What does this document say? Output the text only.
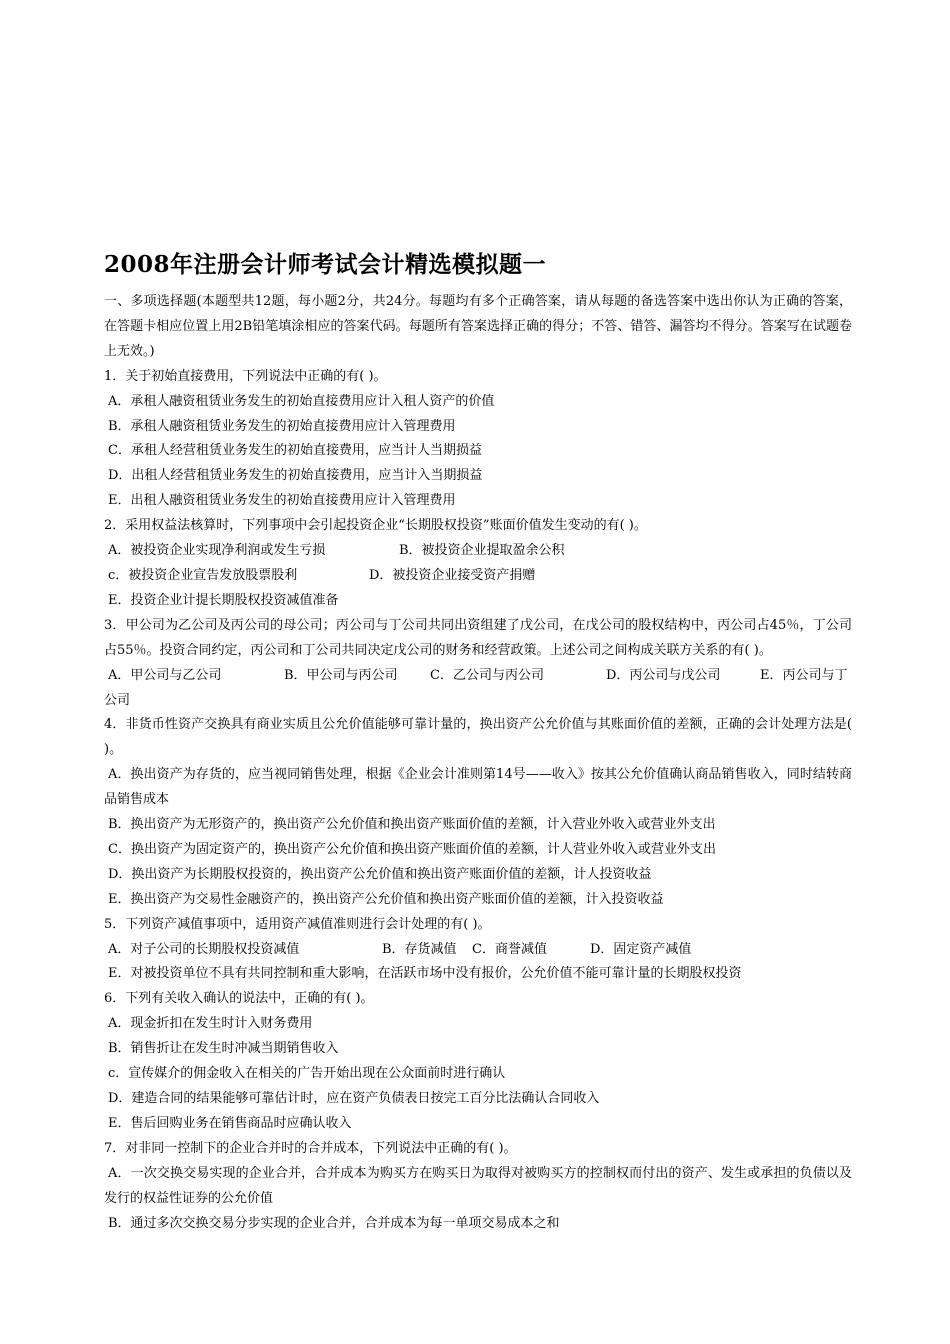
2008年注册会计师考试会计精选模拟题一

一、多项选择题(本题型共12题，每小题2分，共24分。每题均有多个正确答案，请从每题的备选答案中选出你认为正确的答案，在答题卡相应位置上用2B铅笔填涂相应的答案代码。每题所有答案选择正确的得分；不答、错答、漏答均不得分。答案写在试题卷上无效。)

1．关于初始直接费用，下列说法中正确的有( )。

A．承租人融资租赁业务发生的初始直接费用应计入租人资产的价值

B．承租人融资租赁业务发生的初始直接费用应计入管理费用

C．承租人经营租赁业务发生的初始直接费用，应当计人当期损益

D．出租人经营租赁业务发生的初始直接费用，应当计入当期损益

E．出租人融资租赁业务发生的初始直接费用应计入管理费用

2．采用权益法核算时，下列事项中会引起投资企业“长期股权投资”账面价值发生变动的有( )。

A．被投资企业实现净利润或发生亏损	B．被投资企业提取盈余公积
c．被投资企业宣告发放股票股利	D．被投资企业接受资产捐赠

E．投资企业计提长期股权投资减值准备

3．甲公司为乙公司及丙公司的母公司；丙公司与丁公司共同出资组建了戊公司，在戊公司的股权结构中，丙公司占45％，丁公司占55％。投资合同约定，丙公司和丁公司共同决定戊公司的财务和经营政策。上述公司之间构成关联方关系的有( )。

A．甲公司与乙公司	B．甲公司与丙公司	C．乙公司与丙公司	D．丙公司与戊公司	E．丙公司与丁

公司

4．非货币性资产交换具有商业实质且公允价值能够可靠计量的，换出资产公允价值与其账面价值的差额，正确的会计处理方法是( )。

A．换出资产为存货的，应当视同销售处理，根据《企业会计准则第14号——收入》按其公允价值确认商品销售收入，同时结转商品销售成本

B．换出资产为无形资产的，换出资产公允价值和换出资产账面价值的差额，计入营业外收入或营业外支出

C．换出资产为固定资产的，换出资产公允价值和换出资产账面价值的差额，计人营业外收入或营业外支出

D．换出资产为长期股权投资的，换出资产公允价值和换出资产账面价值的差额，计人投资收益

E．换出资产为交易性金融资产的，换出资产公允价值和换出资产账面价值的差额，计入投资收益

5．下列资产减值事项中，适用资产减值准则进行会计处理的有( )。

A．对子公司的长期股权投资减值	B．存货减值	C．商誉减值	D．固定资产减值

E．对被投资单位不具有共同控制和重大影响，在活跃市场中没有报价，公允价值不能可靠计量的长期股权投资

6．下列有关收入确认的说法中，正确的有( )。

A．现金折扣在发生时计入财务费用

B．销售折让在发生时冲减当期销售收入

c．宣传媒介的佣金收入在相关的广告开始出现在公众面前时进行确认

D．建造合同的结果能够可靠估计时，应在资产负债表日按完工百分比法确认合同收入

E．售后回购业务在销售商品时应确认收入

7．对非同一控制下的企业合并时的合并成本，下列说法中正确的有( )。

A．一次交换交易实现的企业合并，合并成本为购买方在购买日为取得对被购买方的控制权而付出的资产、发生或承担的负债以及发行的权益性证券的公允价值

B．通过多次交换交易分步实现的企业合并，合并成本为每一单项交易成本之和
